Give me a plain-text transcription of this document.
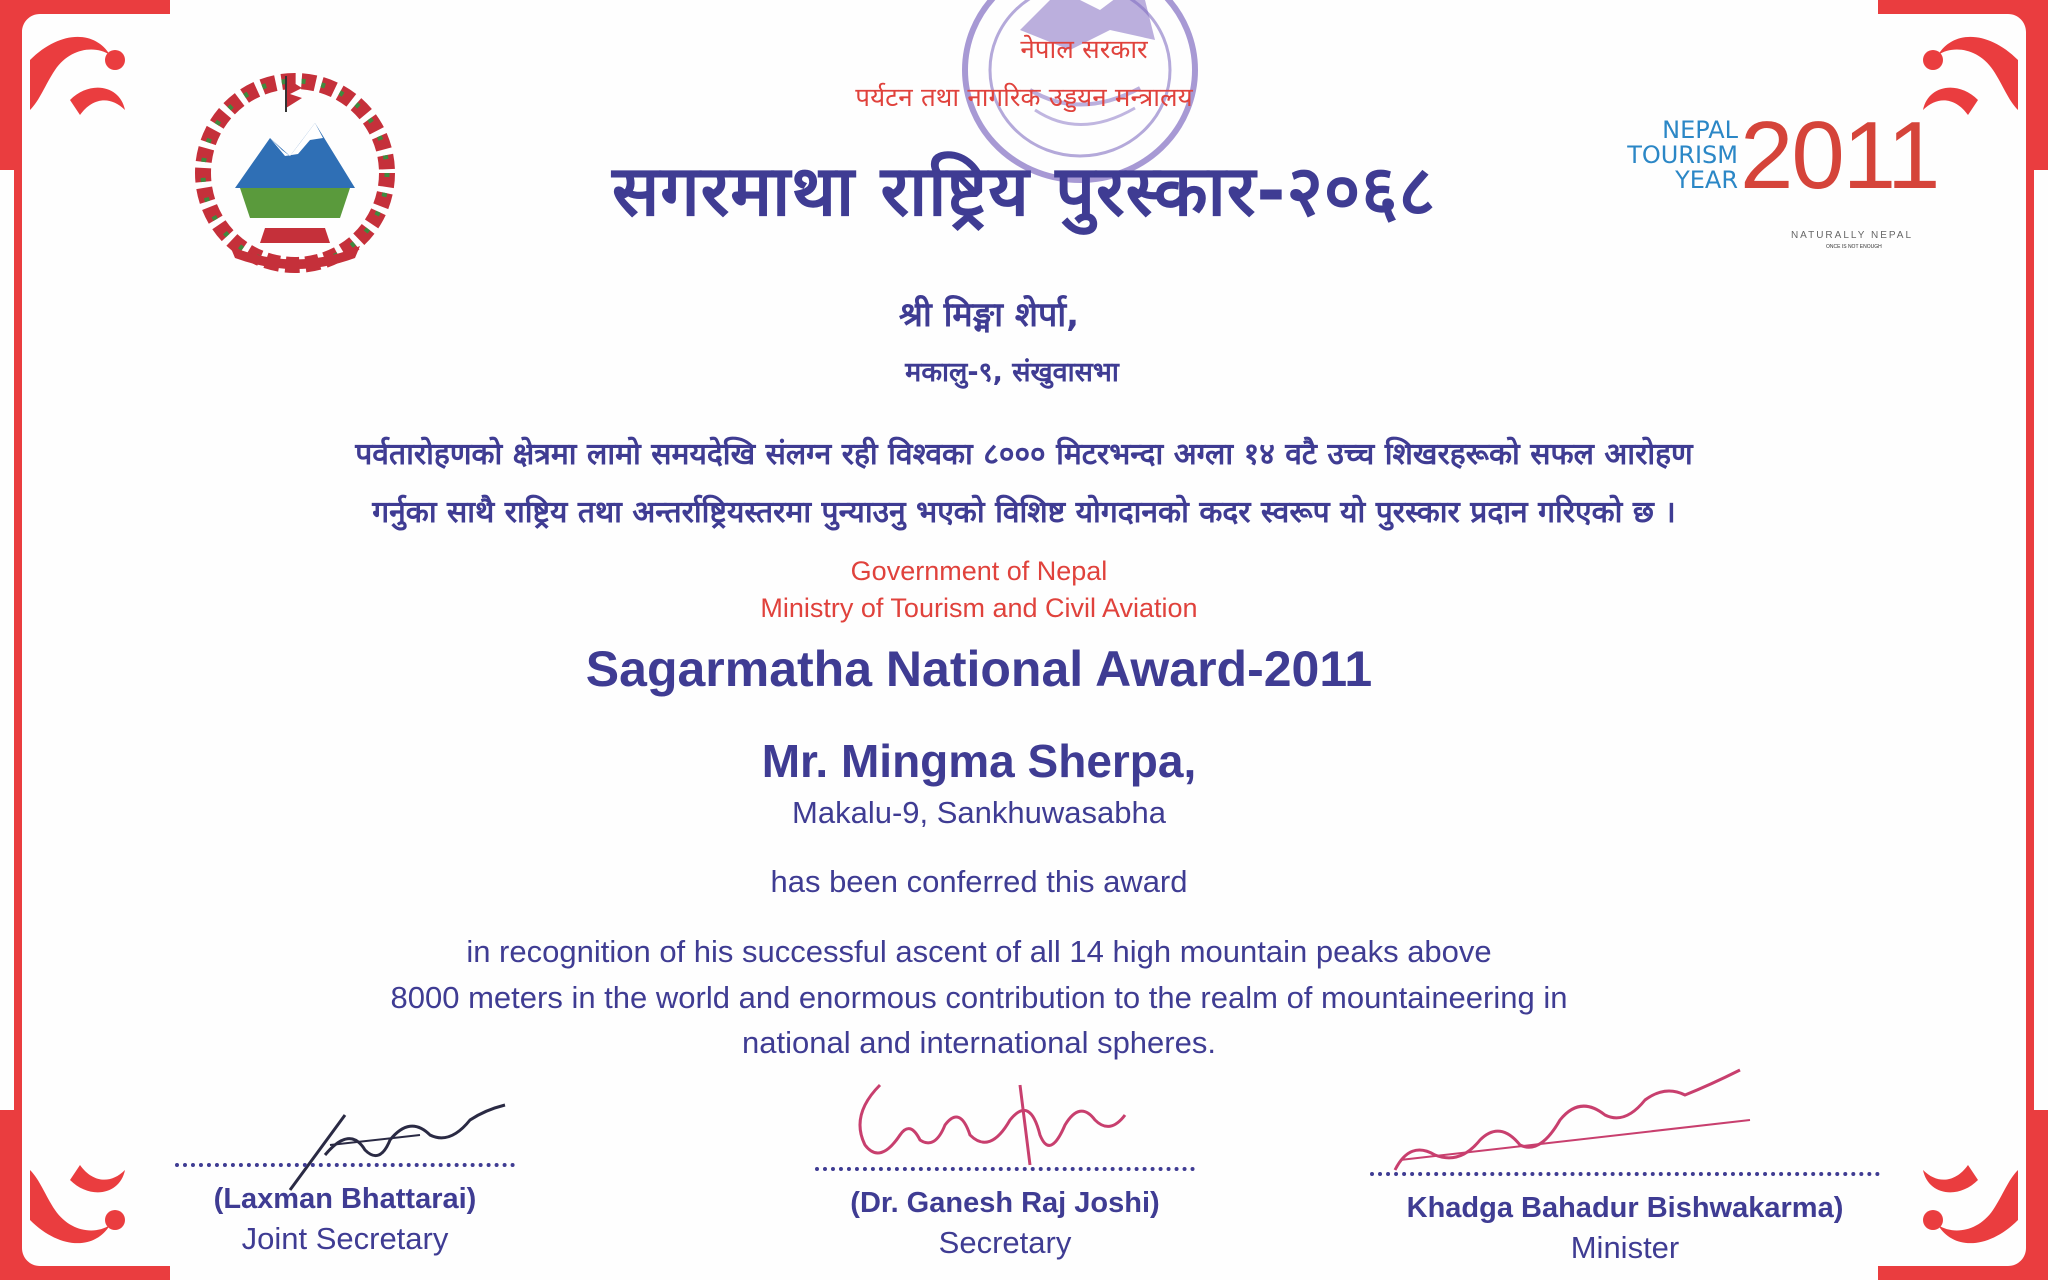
NEPAL
TOURISM
YEAR 2011
NATURALLY NEPAL
ONCE IS NOT ENOUGH
नेपाल सरकार
पर्यटन तथा नागरिक उड्डयन मन्त्रालय
सगरमाथा राष्ट्रिय पुरस्कार-२०६८
श्री मिङ्मा शेर्पा,
मकालु-९, संखुवासभा
पर्वतारोहणको क्षेत्रमा लामो समयदेखि संलग्न रही विश्वका ८००० मिटरभन्दा अग्ला १४ वटै उच्च शिखरहरूको सफल आरोहण
गर्नुका साथै राष्ट्रिय तथा अन्तर्राष्ट्रियस्तरमा पुन्याउनु भएको विशिष्ट योगदानको कदर स्वरूप यो पुरस्कार प्रदान गरिएको छ ।
Government of Nepal
Ministry of Tourism and Civil Aviation
Sagarmatha National Award-2011
Mr. Mingma Sherpa,
Makalu-9, Sankhuwasabha
has been conferred this award
in recognition of his successful ascent of all 14 high mountain peaks above
8000 meters in the world and enormous contribution to the realm of mountaineering in
national and international spheres.
(Laxman Bhattarai)
Joint Secretary
(Dr. Ganesh Raj Joshi)
Secretary
Khadga Bahadur Bishwakarma)
Minister
